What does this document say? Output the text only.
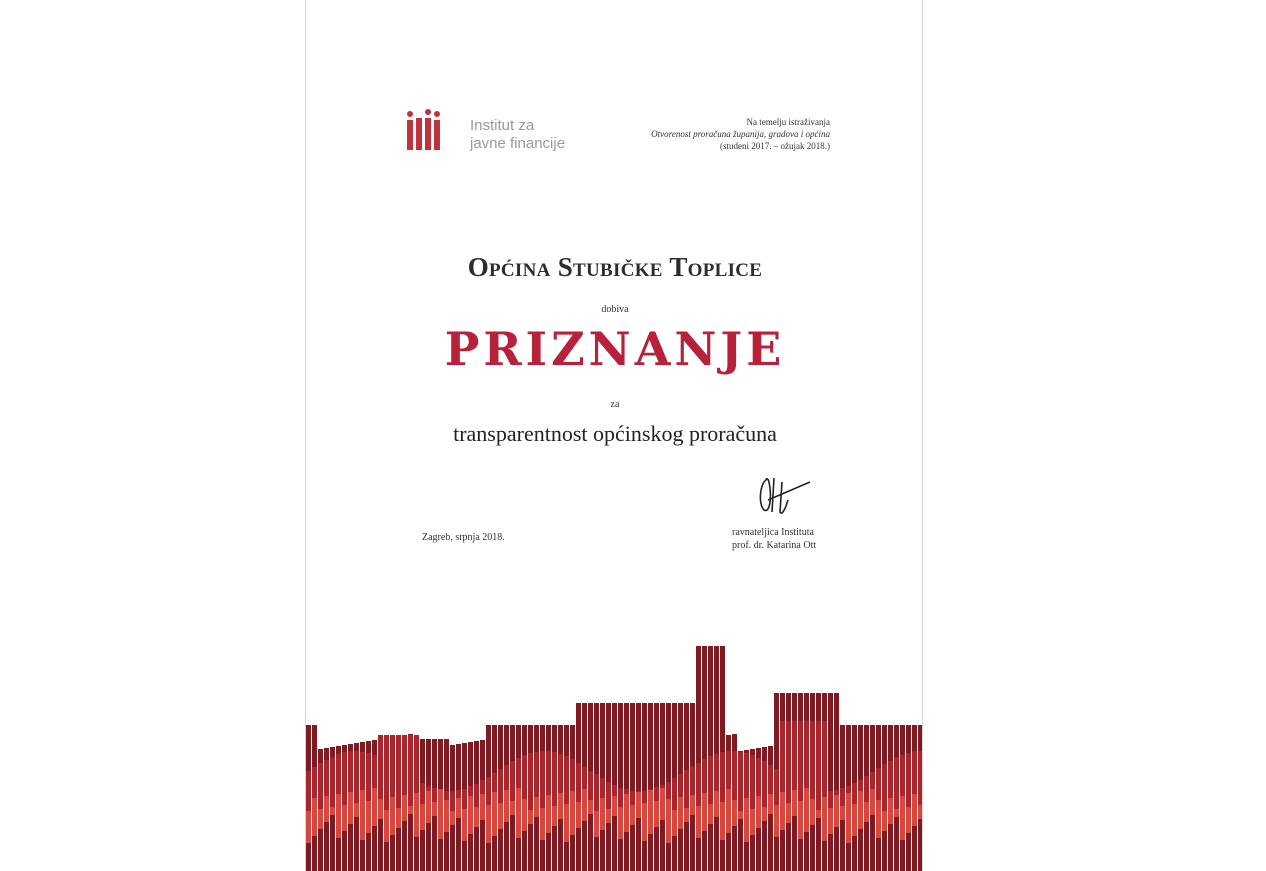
Institut za
javne financije
Na temelju istraživanja
Otvorenost proračuna županija, gradova i općina
(studeni 2017. – ožujak 2018.)
Općina Stubičke Toplice
dobiva
PRIZNANJE
za
transparentnost općinskog proračuna
Zagreb, srpnja 2018.	ravnateljica Instituta
prof. dr. Katarina Ott
